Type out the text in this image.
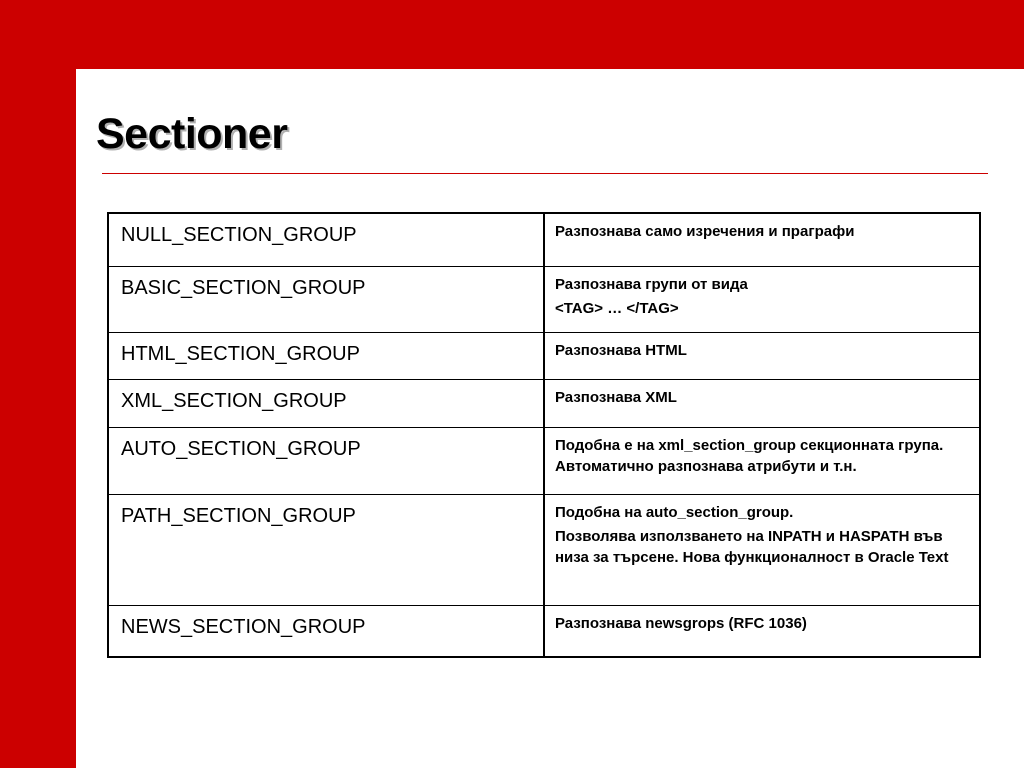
Sectioner
NULL_SECTION_GROUP	Разпознава само изречения и праграфи

BASIC_SECTION_GROUP	Разпознава групи от вида
<TAG> … </TAG>

HTML_SECTION_GROUP	Разпознава HTML

XML_SECTION_GROUP	Разпознава XML

AUTO_SECTION_GROUP	Подобна е на xml_section_group секционната група. Автоматично разпознава атрибути и т.н.

PATH_SECTION_GROUP	Подобна на auto_section_group.
Позволява използването на INPATH и HASPATH във низа за търсене. Нова функционалност в Oracle Text

NEWS_SECTION_GROUP	Разпознава newsgrops (RFC 1036)
